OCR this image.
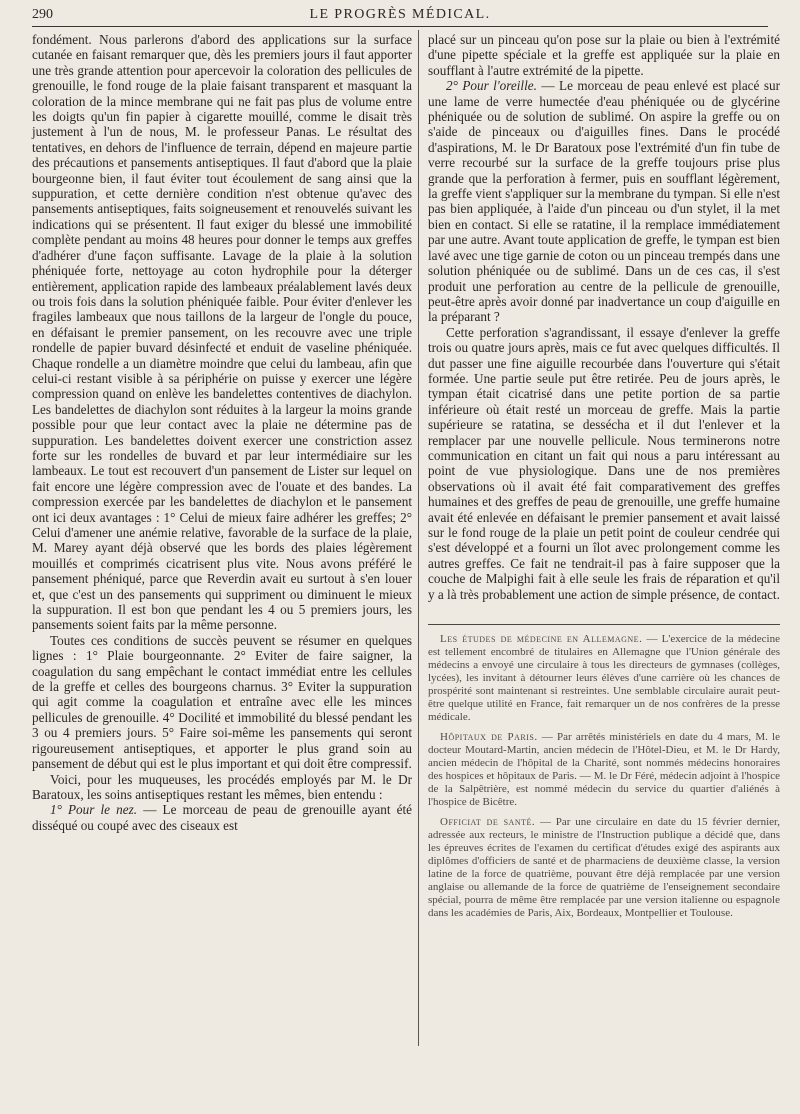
290	LE PROGRÈS MÉDICAL.

fondément. Nous parlerons d'abord des applications sur la surface cutanée en faisant remarquer que, dès les premiers jours il faut apporter une très grande attention pour apercevoir la coloration des pellicules de grenouille, le fond rouge de la plaie faisant transparent et masquant la coloration de la mince membrane qui ne fait pas plus de volume entre les doigts qu'un fin papier à cigarette mouillé, comme le disait très justement à l'un de nous, M. le professeur Panas. Le résultat des tentatives, en dehors de l'influence de terrain, dépend en majeure partie des précautions et pansements antiseptiques. Il faut d'abord que la plaie bourgeonne bien, il faut éviter tout écoulement de sang ainsi que la suppuration, et cette dernière condition n'est obtenue qu'avec des pansements antiseptiques, faits soigneusement et renouvelés suivant les indications qui se présentent. Il faut exiger du blessé une immobilité complète pendant au moins 48 heures pour donner le temps aux greffes d'adhérer d'une façon suffisante. Lavage de la plaie à la solution phéniquée forte, nettoyage au coton hydrophile pour la déterger entièrement, application rapide des lambeaux préalablement lavés deux ou trois fois dans la solution phéniquée faible. Pour éviter d'enlever les fragiles lambeaux que nous taillons de la largeur de l'ongle du pouce, en défaisant le premier pansement, on les recouvre avec une triple rondelle de papier buvard désinfecté et enduit de vaseline phéniquée. Chaque rondelle a un diamètre moindre que celui du lambeau, afin que celui-ci restant visible à sa périphérie on puisse y exercer une légère compression quand on enlève les bandelettes contentives de diachylon. Les bandelettes de diachylon sont réduites à la largeur la moins grande possible pour que leur contact avec la plaie ne détermine pas de suppuration. Les bandelettes doivent exercer une constriction assez forte sur les rondelles de buvard et par leur intermédiaire sur les lambeaux. Le tout est recouvert d'un pansement de Lister sur lequel on fait encore une légère compression avec de l'ouate et des bandes. La compression exercée par les bandelettes de diachylon et le pansement ont ici deux avantages : 1° Celui de mieux faire adhérer les greffes; 2° Celui d'amener une anémie relative, favorable de la surface de la plaie, M. Marey ayant déjà observé que les bords des plaies légèrement mouillés et comprimés cicatrisent plus vite. Nous avons préféré le pansement phéniqué, parce que Reverdin avait eu surtout à s'en louer et, que c'est un des pansements qui suppriment ou diminuent le mieux la suppuration. Il est bon que pendant les 4 ou 5 premiers jours, les pansements soient faits par la même personne.

Toutes ces conditions de succès peuvent se résumer en quelques lignes : 1° Plaie bourgeonnante. 2° Eviter de faire saigner, la coagulation du sang empêchant le contact immédiat entre les cellules de la greffe et celles des bourgeons charnus. 3° Eviter la suppuration qui agit comme la coagulation et entraîne avec elle les minces pellicules de grenouille. 4° Docilité et immobilité du blessé pendant les 3 ou 4 premiers jours. 5° Faire soi-même les pansements qui seront rigoureusement antiseptiques, et apporter le plus grand soin au pansement de début qui est le plus important et qui doit être compressif.

Voici, pour les muqueuses, les procédés employés par M. le Dr Baratoux, les soins antiseptiques restant les mêmes, bien entendu :

1° Pour le nez. — Le morceau de peau de grenouille ayant été disséqué ou coupé avec des ciseaux est

placé sur un pinceau qu'on pose sur la plaie ou bien à l'extrémité d'une pipette spéciale et la greffe est appliquée sur la plaie en soufflant à l'autre extrémité de la pipette.

2° Pour l'oreille. — Le morceau de peau enlevé est placé sur une lame de verre humectée d'eau phéniquée ou de glycérine phéniquée ou de solution de sublimé. On aspire la greffe ou on s'aide de pinceaux ou d'aiguilles fines. Dans le procédé d'aspirations, M. le Dr Baratoux pose l'extrémité d'un fin tube de verre recourbé sur la surface de la greffe toujours prise plus grande que la perforation à fermer, puis en soufflant légèrement, la greffe vient s'appliquer sur la membrane du tympan. Si elle n'est pas bien appliquée, à l'aide d'un pinceau ou d'un stylet, il la met bien en contact. Si elle se ratatine, il la remplace immédiatement par une autre. Avant toute application de greffe, le tympan est bien lavé avec une tige garnie de coton ou un pinceau trempés dans une solution phéniquée ou de sublimé. Dans un de ces cas, il s'est produit une perforation au centre de la pellicule de grenouille, peut-être après avoir donné par inadvertance un coup d'aiguille en la préparant ?

Cette perforation s'agrandissant, il essaye d'enlever la greffe trois ou quatre jours après, mais ce fut avec quelques difficultés. Il dut passer une fine aiguille recourbée dans l'ouverture qui s'était formée. Une partie seule put être retirée. Peu de jours après, le tympan était cicatrisé dans une petite portion de sa partie inférieure où était resté un morceau de greffe. Mais la partie supérieure se ratatina, se dessécha et il dut l'enlever et la remplacer par une nouvelle pellicule. Nous terminerons notre communication en citant un fait qui nous a paru intéressant au point de vue physiologique. Dans une de nos premières observations où il avait été fait comparativement des greffes humaines et des greffes de peau de grenouille, une greffe humaine avait été enlevée en défaisant le premier pansement et avait laissé sur le fond rouge de la plaie un petit point de couleur cendrée qui s'est développé et a fourni un îlot avec prolongement comme les autres greffes. Ce fait ne tendrait-il pas à faire supposer que la couche de Malpighi fait à elle seule les frais de réparation et qu'il y a là très probablement une action de simple présence, de contact.

Les études de médecine en Allemagne. — L'exercice de la médecine est tellement encombré de titulaires en Allemagne que l'Union générale des médecins a envoyé une circulaire à tous les directeurs de gymnases (collèges, lycées), les invitant à détourner leurs élèves d'une carrière où les chances de prospérité sont maintenant si restreintes. Une semblable circulaire aurait peut-être quelque utilité en France, fait remarquer un de nos confrères de la presse médicale.

Hôpitaux de Paris. — Par arrêtés ministériels en date du 4 mars, M. le docteur Moutard-Martin, ancien médecin de l'Hôtel-Dieu, et M. le Dr Hardy, ancien médecin de l'hôpital de la Charité, sont nommés médecins honoraires des hospices et hôpitaux de Paris. — M. le Dr Féré, médecin adjoint à l'hospice de la Salpêtrière, est nommé médecin du service du quartier d'aliénés à l'hospice de Bicêtre.

Officiat de santé. — Par une circulaire en date du 15 février dernier, adressée aux recteurs, le ministre de l'Instruction publique a décidé que, dans les épreuves écrites de l'examen du certificat d'études exigé des aspirants aux diplômes d'officiers de santé et de pharmaciens de deuxième classe, la version latine de la force de quatrième, pouvant être déjà remplacée par une version anglaise ou allemande de la force de quatrième de l'enseignement secondaire spécial, pourra de même être remplacée par une version italienne ou espagnole dans les académies de Paris, Aix, Bordeaux, Montpellier et Toulouse.
